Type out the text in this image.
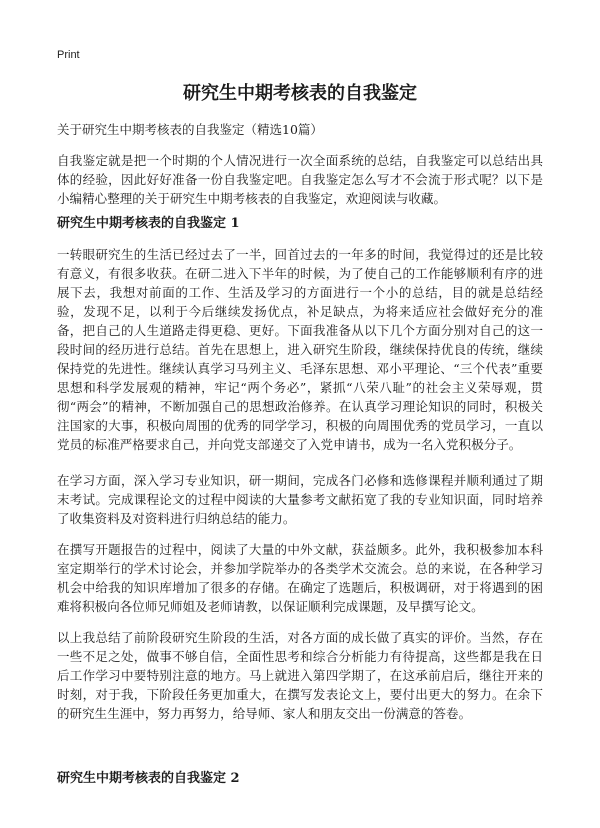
Print
研究生中期考核表的自我鉴定

关于研究生中期考核表的自我鉴定（精选10篇）

自我鉴定就是把一个时期的个人情况进行一次全面系统的总结，自我鉴定可以总结出具体的经验，因此好好准备一份自我鉴定吧。自我鉴定怎么写才不会流于形式呢？以下是小编精心整理的关于研究生中期考核表的自我鉴定，欢迎阅读与收藏。

研究生中期考核表的自我鉴定 1

一转眼研究生的生活已经过去了一半，回首过去的一年多的时间，我觉得过的还是比较有意义，有很多收获。在研二进入下半年的时候，为了使自己的工作能够顺利有序的进展下去，我想对前面的工作、生活及学习的方面进行一个小的总结，目的就是总结经验，发现不足，以利于今后继续发扬优点，补足缺点，为将来适应社会做好充分的准备，把自己的人生道路走得更稳、更好。下面我准备从以下几个方面分别对自己的这一段时间的经历进行总结。首先在思想上，进入研究生阶段，继续保持优良的传统，继续保持党的先进性。继续认真学习马列主义、毛泽东思想、邓小平理论、“三个代表”重要思想和科学发展观的精神，牢记“两个务必”，紧抓“八荣八耻”的社会主义荣辱观，贯彻“两会”的精神，不断加强自己的思想政治修养。在认真学习理论知识的同时，积极关注国家的大事，积极向周围的优秀的同学学习，积极的向周围优秀的党员学习，一直以党员的标准严格要求自己，并向党支部递交了入党申请书，成为一名入党积极分子。

在学习方面，深入学习专业知识，研一期间，完成各门必修和选修课程并顺利通过了期末考试。完成课程论文的过程中阅读的大量参考文献拓宽了我的专业知识面，同时培养了收集资料及对资料进行归纳总结的能力。

在撰写开题报告的过程中，阅读了大量的中外文献，获益颇多。此外，我积极参加本科室定期举行的学术讨论会，并参加学院举办的各类学术交流会。总的来说，在各种学习机会中给我的知识库增加了很多的存储。在确定了选题后，积极调研，对于将遇到的困难将积极向各位师兄师姐及老师请教，以保证顺利完成课题，及早撰写论文。

以上我总结了前阶段研究生阶段的生活，对各方面的成长做了真实的评价。当然，存在一些不足之处，做事不够自信，全面性思考和综合分析能力有待提高，这些都是我在日后工作学习中要特别注意的地方。马上就进入第四学期了，在这承前启后，继往开来的时刻，对于我，下阶段任务更加重大，在撰写发表论文上，要付出更大的努力。在余下的研究生生涯中，努力再努力，给导师、家人和朋友交出一份满意的答卷。

研究生中期考核表的自我鉴定 2
